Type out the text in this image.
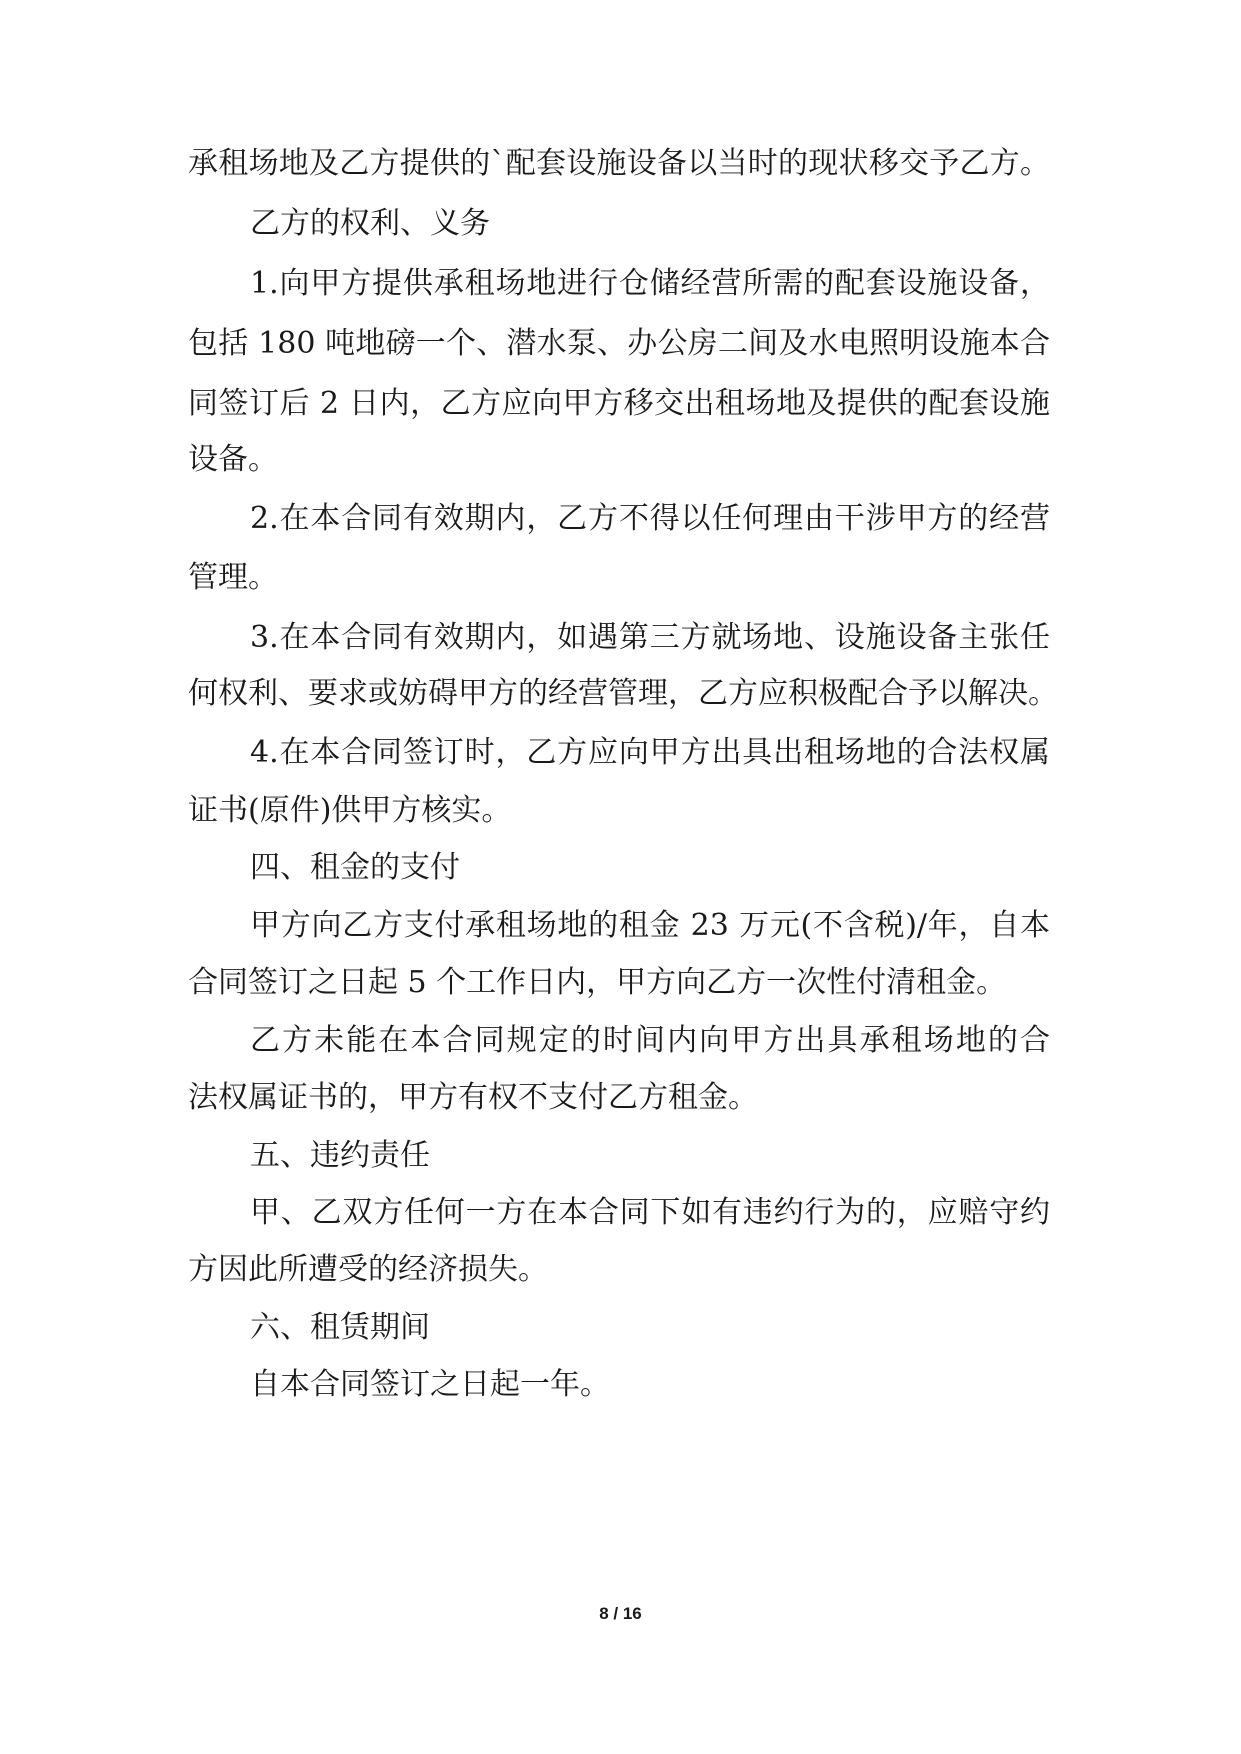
承租场地及乙方提供的`配套设施设备以当时的现状移交予乙方。
乙方的权利、义务
1.向甲方提供承租场地进行仓储经营所需的配套设施设备，
包括 180 吨地磅一个、潜水泵、办公房二间及水电照明设施本合
同签订后 2 日内，乙方应向甲方移交出租场地及提供的配套设施
设备。
2.在本合同有效期内，乙方不得以任何理由干涉甲方的经营
管理。
3.在本合同有效期内，如遇第三方就场地、设施设备主张任
何权利、要求或妨碍甲方的经营管理，乙方应积极配合予以解决。
4.在本合同签订时，乙方应向甲方出具出租场地的合法权属
证书(原件)供甲方核实。
四、租金的支付
甲方向乙方支付承租场地的租金 23 万元(不含税)/年，自本
合同签订之日起 5 个工作日内，甲方向乙方一次性付清租金。
乙方未能在本合同规定的时间内向甲方出具承租场地的合
法权属证书的，甲方有权不支付乙方租金。
五、违约责任
甲、乙双方任何一方在本合同下如有违约行为的，应赔守约
方因此所遭受的经济损失。
六、租赁期间
自本合同签订之日起一年。
8 / 16
